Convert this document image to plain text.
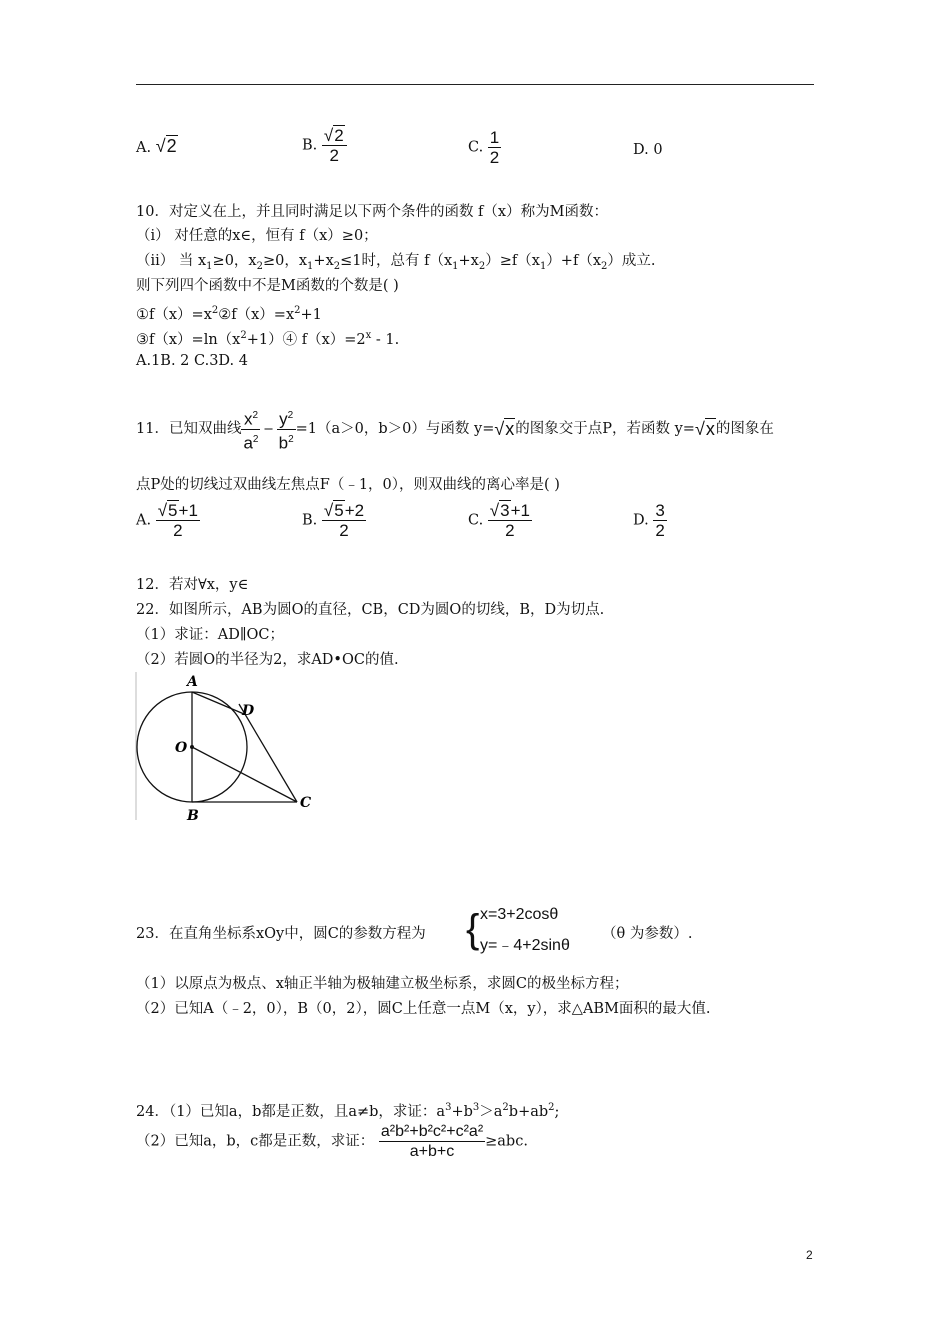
A. √2	B. $\frac{√2}{2}$	C. $\frac{1}{2}$	D. 0
10．对定义在上，并且同时满足以下两个条件的函数 f（x）称为M函数：
（i） 对任意的x∈，恒有 f（x）≥0；
（ii） 当 $x_1\ge 0$，$x_2\ge 0$，$x_1+x_2\le 1$时，总有 $f(x_1+x_2)\ge f(x_1)+f(x_2)$成立.
则下列四个函数中不是M函数的个数是( )
$①f(x)=x^2②f(x)=x^2+1$
$③f(x)=\ln(x^2+1)④$ $f(x)=2^x - 1$.
A.1B. 2 C.3D. 4
11．已知双曲线 $\frac{x^2}{a^2} - \frac{y^2}{b^2} =1(a>0$，b＞0）与函数 y=√x的图象交于点P，若函数 y=√x的图象在
点P处的切线过双曲线左焦点F（﹣1，0），则双曲线的离心率是( )
A. $\frac{√5+1}{2}$	B. $\frac{√5+2}{2}$	C. $\frac{√3+1}{2}$	D. $\frac{3}{2}$
12．若对∀x，y∈
22．如图所示，AB为圆O的直径，CB，CD为圆O的切线，B，D为切点.
（1）求证：AD∥OC；
（2）若圆O的半径为2，求AD•OC的值.
A
D
O
B
C
23．在直角坐标系xOy中，圆C的参数方程为 { x=3+2cosθ
y=﹣4+2sinθ
（θ 为参数）.
（1）以原点为极点、x轴正半轴为极轴建立极坐标系，求圆C的极坐标方程；
（2）已知A（﹣2，0），B（0，2），圆C上任意一点M（x，y），求△ABM面积的最大值.
24．（1）已知a，b都是正数，且a≠b，求证：$a^3+b^3>a^2b+ab^2$;
（2）已知a，b，c都是正数，求证： $\frac{\text{a²b²+b²c²+c²a²}}{a+b+c} \ge abc$.
2
